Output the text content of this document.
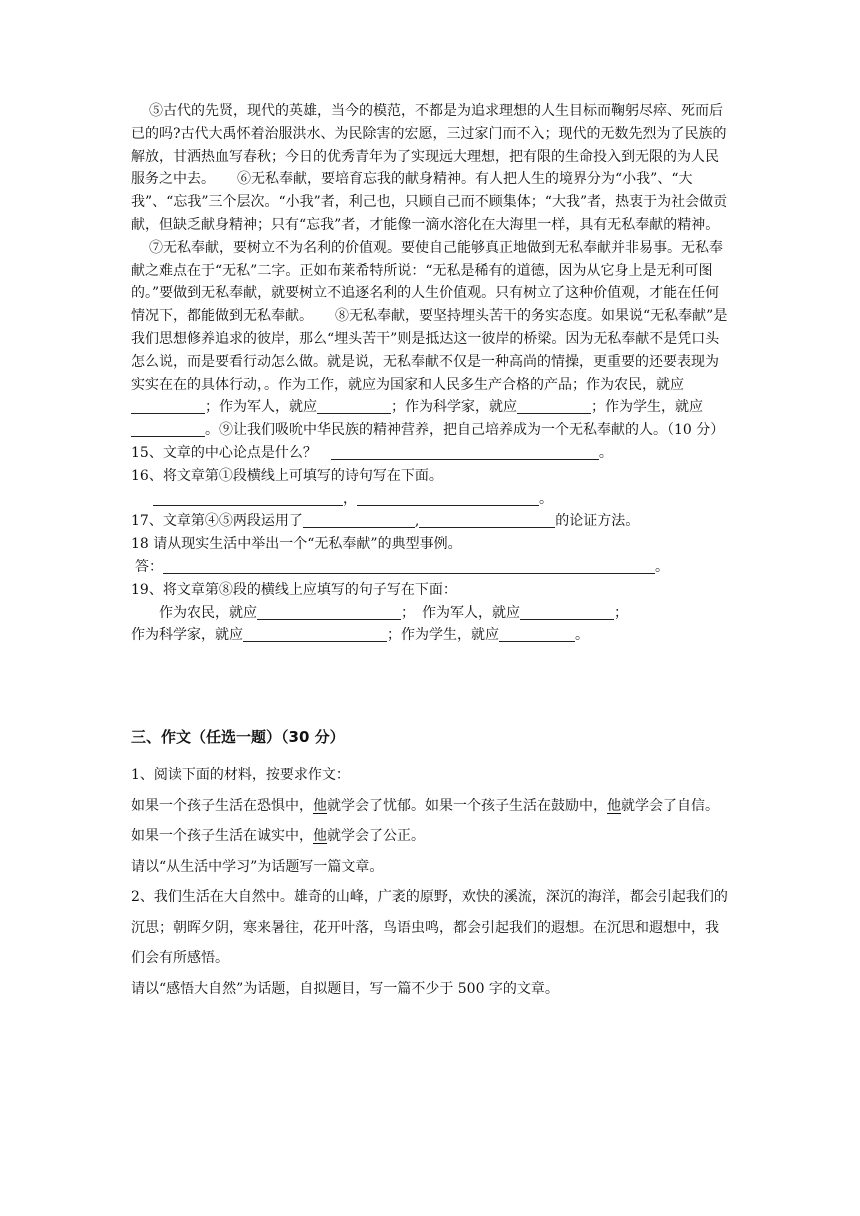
⑤古代的先贤，现代的英雄，当今的模范，不都是为追求理想的人生目标而鞠躬尽瘁、死而后已的吗?古代大禹怀着治服洪水、为民除害的宏愿，三过家门而不入；现代的无数先烈为了民族的解放，甘洒热血写春秋；今日的优秀青年为了实现远大理想，把有限的生命投入到无限的为人民服务之中去。 ⑥无私奉献，要培育忘我的献身精神。有人把人生的境界分为“小我”、“大我”、“忘我”三个层次。“小我”者，利己也，只顾自己而不顾集体；“大我”者，热衷于为社会做贡献，但缺乏献身精神；只有“忘我”者，才能像一滴水溶化在大海里一样，具有无私奉献的精神。

⑦无私奉献，要树立不为名利的价值观。要使自己能够真正地做到无私奉献并非易事。无私奉献之难点在于“无私”二字。正如布莱希特所说：“无私是稀有的道德，因为从它身上是无利可图的。”要做到无私奉献，就要树立不追逐名利的人生价值观。只有树立了这种价值观，才能在任何情况下，都能做到无私奉献。 ⑧无私奉献，要坚持埋头苦干的务实态度。如果说“无私奉献”是我们思想修养追求的彼岸，那么“埋头苦干”则是抵达这一彼岸的桥梁。因为无私奉献不是凭口头怎么说，而是要看行动怎么做。就是说，无私奉献不仅是一种高尚的情操，更重要的还要表现为实实在在的具体行动，。作为工作，就应为国家和人民多生产合格的产品；作为农民，就应；作为军人，就应	；作为科学家，就应	；作为学生，就应。⑨让我们吸吮中华民族的精神营养，把自己培养成为一个无私奉献的人。（10 分）

15、文章的中心论点是什么？　	。
16、将文章第①段横线上可填写的诗句写在下面。
，	。
17、文章第④⑤两段运用了	,	的论证方法。
18 请从现实生活中举出一个“无私奉献”的典型事例。
答：	。
19、将文章第⑧段的横线上应填写的句子写在下面：
作为农民，就应	；　作为军人，就应	；
作为科学家，就应	；作为学生，就应	。
三、作文（任选一题）（30 分）

1、阅读下面的材料，按要求作文：

如果一个孩子生活在恐惧中，他就学会了忧郁。如果一个孩子生活在鼓励中，他就学会了自信。如果一个孩子生活在诚实中，他就学会了公正。

请以“从生活中学习”为话题写一篇文章。

2、我们生活在大自然中。雄奇的山峰，广袤的原野，欢快的溪流，深沉的海洋，都会引起我们的沉思；朝晖夕阴，寒来暑往，花开叶落，鸟语虫鸣，都会引起我们的遐想。在沉思和遐想中，我们会有所感悟。

请以“感悟大自然”为话题，自拟题目，写一篇不少于 500 字的文章。
